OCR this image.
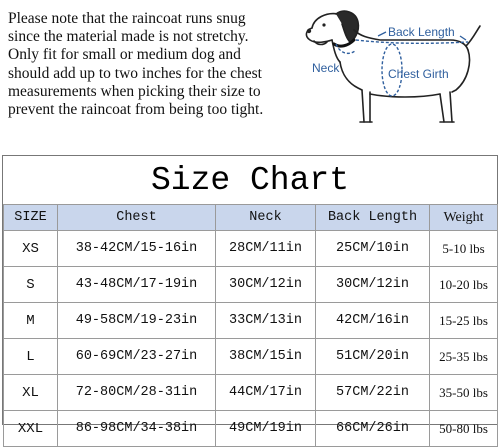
Please note that the raincoat runs snug
since the material made is not stretchy.
Only fit for small or medium dog and
should add up to two inches for the chest
measurements when picking their size to
prevent the raincoat from being too tight.
Back Length
Neck	Chest Girth
Size Chart
SIZE	Chest	Neck	Back Length	Weight
XS	38-42CM/15-16in	28CM/11in	25CM/10in	5-10 lbs
S	43-48CM/17-19in	30CM/12in	30CM/12in	10-20 lbs
M	49-58CM/19-23in	33CM/13in	42CM/16in	15-25 lbs
L	60-69CM/23-27in	38CM/15in	51CM/20in	25-35 lbs
XL	72-80CM/28-31in	44CM/17in	57CM/22in	35-50 lbs
XXL	86-98CM/34-38in	49CM/19in	66CM/26in	50-80 lbs
